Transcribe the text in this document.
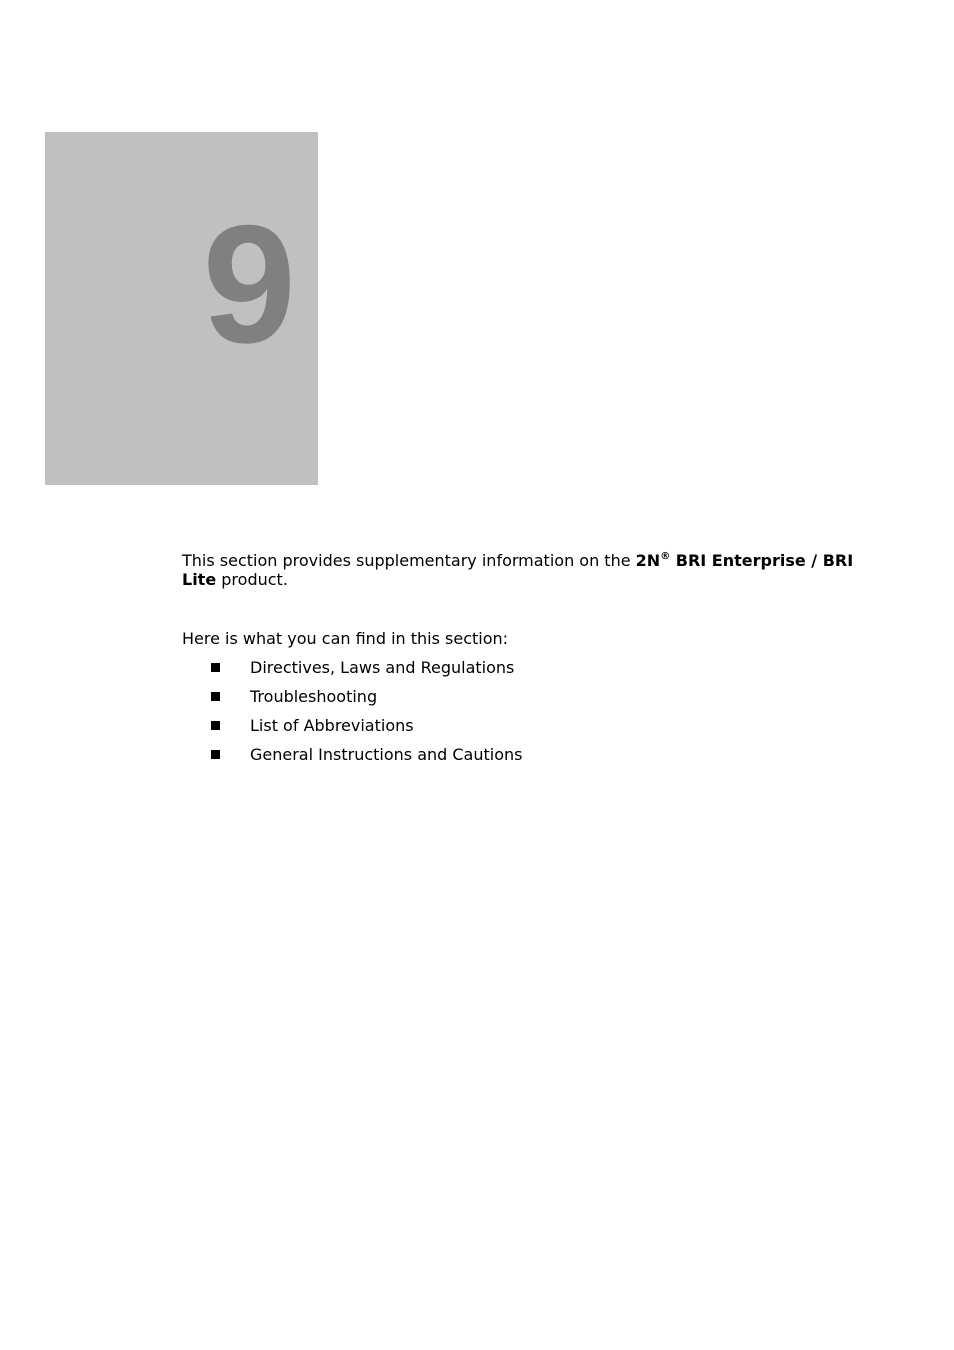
9

This section provides supplementary information on the 2N® BRI Enterprise / BRI
Lite product.

Here is what you can find in this section:

Directives, Laws and Regulations
Troubleshooting
List of Abbreviations
General Instructions and Cautions
